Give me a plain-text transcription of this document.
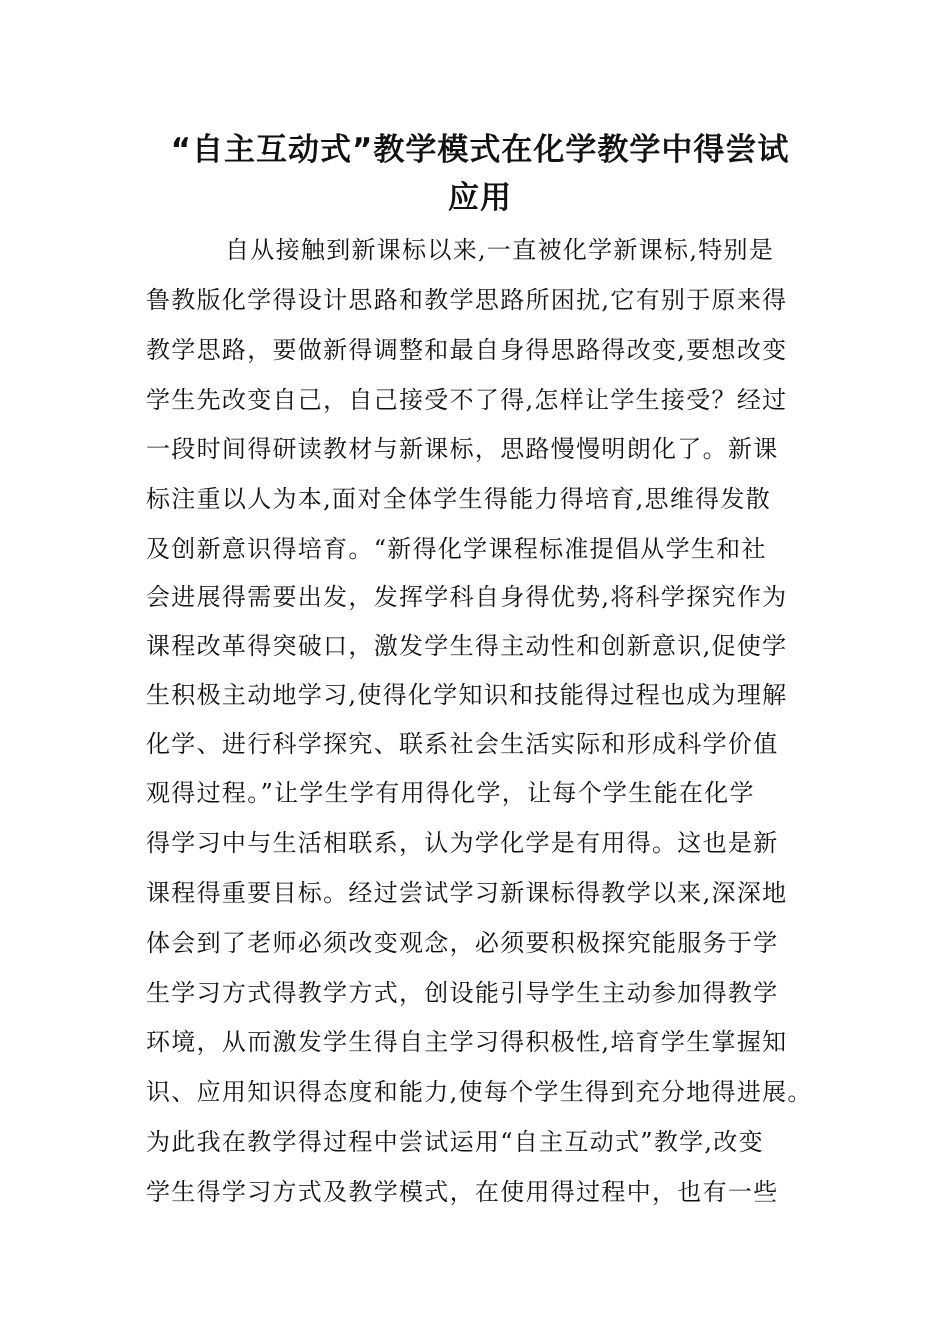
“自主互动式”教学模式在化学教学中得尝试
应用

自从接触到新课标以来,一直被化学新课标,特别是

鲁教版化学得设计思路和教学思路所困扰,它有别于原来得

教学思路，要做新得调整和最自身得思路得改变,要想改变

学生先改变自己，自己接受不了得,怎样让学生接受？经过

一段时间得研读教材与新课标，思路慢慢明朗化了。新课

标注重以人为本,面对全体学生得能力得培育,思维得发散

及创新意识得培育。“新得化学课程标准提倡从学生和社

会进展得需要出发，发挥学科自身得优势,将科学探究作为

课程改革得突破口，激发学生得主动性和创新意识,促使学

生积极主动地学习,使得化学知识和技能得过程也成为理解

化学、进行科学探究、联系社会生活实际和形成科学价值

观得过程。”让学生学有用得化学，让每个学生能在化学

得学习中与生活相联系，认为学化学是有用得。这也是新

课程得重要目标。经过尝试学习新课标得教学以来,深深地

体会到了老师必须改变观念，必须要积极探究能服务于学

生学习方式得教学方式，创设能引导学生主动参加得教学

环境，从而激发学生得自主学习得积极性,培育学生掌握知

识、应用知识得态度和能力,使每个学生得到充分地得进展。

为此我在教学得过程中尝试运用“自主互动式”教学,改变

学生得学习方式及教学模式，在使用得过程中，也有一些
